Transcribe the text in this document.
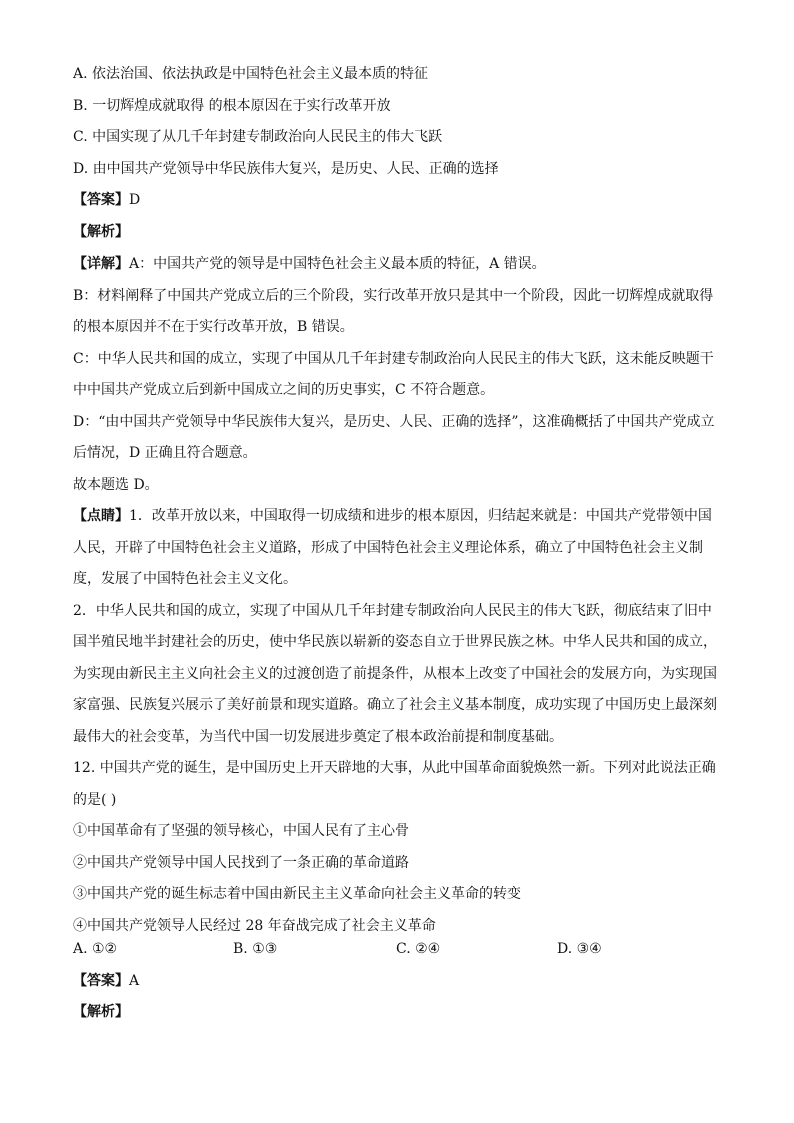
A. 依法治国、依法执政是中国特色社会主义最本质的特征
B. 一切辉煌成就取得 的根本原因在于实行改革开放
C. 中国实现了从几千年封建专制政治向人民民主的伟大飞跃
D. 由中国共产党领导中华民族伟大复兴，是历史、人民、正确的选择
【答案】D
【解析】
【详解】A：中国共产党的领导是中国特色社会主义最本质的特征，A 错误。
B：材料阐释了中国共产党成立后的三个阶段，实行改革开放只是其中一个阶段，因此一切辉煌成就取得
的根本原因并不在于实行改革开放，B 错误。
C：中华人民共和国的成立，实现了中国从几千年封建专制政治向人民民主的伟大飞跃，这未能反映题干
中中国共产党成立后到新中国成立之间的历史事实，C 不符合题意。
D：“由中国共产党领导中华民族伟大复兴，是历史、人民、正确的选择”，这准确概括了中国共产党成立
后情况，D 正确且符合题意。
故本题选 D。
【点睛】1．改革开放以来，中国取得一切成绩和进步的根本原因，归结起来就是：中国共产党带领中国
人民，开辟了中国特色社会主义道路，形成了中国特色社会主义理论体系，确立了中国特色社会主义制
度，发展了中国特色社会主义文化。
2．中华人民共和国的成立，实现了中国从几千年封建专制政治向人民民主的伟大飞跃，彻底结束了旧中
国半殖民地半封建社会的历史，使中华民族以崭新的姿态自立于世界民族之林。中华人民共和国的成立，
为实现由新民主主义向社会主义的过渡创造了前提条件，从根本上改变了中国社会的发展方向，为实现国
家富强、民族复兴展示了美好前景和现实道路。确立了社会主义基本制度，成功实现了中国历史上最深刻
最伟大的社会变革，为当代中国一切发展进步奠定了根本政治前提和制度基础。
12. 中国共产党的诞生，是中国历史上开天辟地的大事，从此中国革命面貌焕然一新。下列对此说法正确
的是( )
①中国革命有了坚强的领导核心，中国人民有了主心骨
②中国共产党领导中国人民找到了一条正确的革命道路
③中国共产党的诞生标志着中国由新民主主义革命向社会主义革命的转变
④中国共产党领导人民经过 28 年奋战完成了社会主义革命
A. ①②	B. ①③	C. ②④	D. ③④
【答案】A
【解析】
